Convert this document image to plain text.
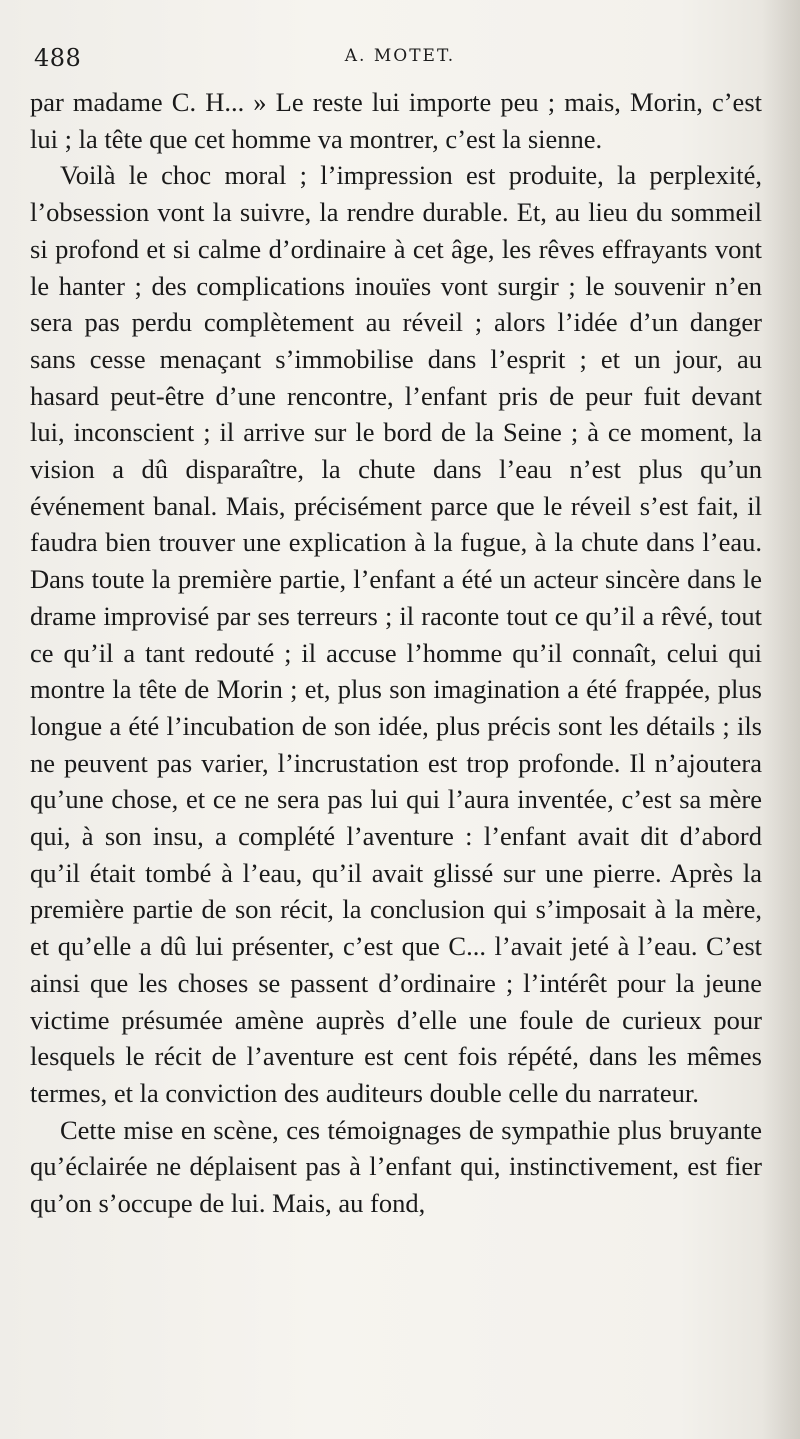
488	A. MOTET.

par madame C. H... » Le reste lui importe peu ; mais, Morin, c’est lui ; la tête que cet homme va montrer, c’est la sienne.

Voilà le choc moral ; l’impression est produite, la perplexité, l’obsession vont la suivre, la rendre durable. Et, au lieu du sommeil si profond et si calme d’ordinaire à cet âge, les rêves effrayants vont le hanter ; des complications inouïes vont surgir ; le souvenir n’en sera pas perdu complètement au réveil ; alors l’idée d’un danger sans cesse menaçant s’immobilise dans l’esprit ; et un jour, au hasard peut-être d’une rencontre, l’enfant pris de peur fuit devant lui, inconscient ; il arrive sur le bord de la Seine ; à ce moment, la vision a dû disparaître, la chute dans l’eau n’est plus qu’un événement banal. Mais, précisément parce que le réveil s’est fait, il faudra bien trouver une explication à la fugue, à la chute dans l’eau. Dans toute la première partie, l’enfant a été un acteur sincère dans le drame improvisé par ses terreurs ; il raconte tout ce qu’il a rêvé, tout ce qu’il a tant redouté ; il accuse l’homme qu’il connaît, celui qui montre la tête de Morin ; et, plus son imagination a été frappée, plus longue a été l’incubation de son idée, plus précis sont les détails ; ils ne peuvent pas varier, l’incrustation est trop profonde. Il n’ajoutera qu’une chose, et ce ne sera pas lui qui l’aura inventée, c’est sa mère qui, à son insu, a complété l’aventure : l’enfant avait dit d’abord qu’il était tombé à l’eau, qu’il avait glissé sur une pierre. Après la première partie de son récit, la conclusion qui s’imposait à la mère, et qu’elle a dû lui présenter, c’est que C... l’avait jeté à l’eau. C’est ainsi que les choses se passent d’ordinaire ; l’intérêt pour la jeune victime présumée amène auprès d’elle une foule de curieux pour lesquels le récit de l’aventure est cent fois répété, dans les mêmes termes, et la conviction des auditeurs double celle du narrateur.

Cette mise en scène, ces témoignages de sympathie plus bruyante qu’éclairée ne déplaisent pas à l’enfant qui, instinctivement, est fier qu’on s’occupe de lui. Mais, au fond,
